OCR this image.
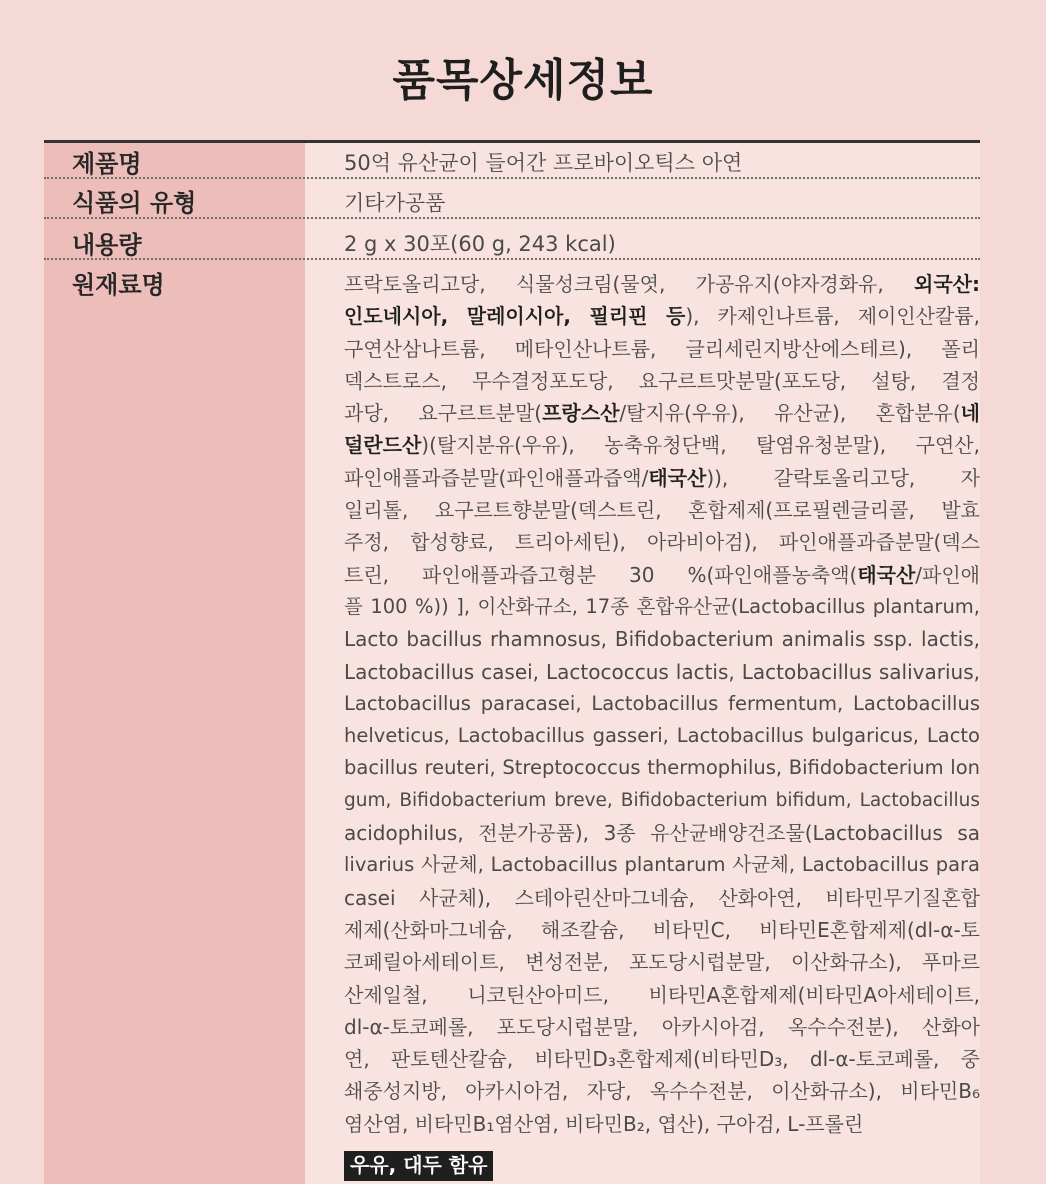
품목상세정보
제품명	50억 유산균이 들어간 프로바이오틱스 아연
식품의 유형	기타가공품
내용량	2 g x 30포(60 g, 243 kcal)
원재료명	프락토올리고당, 식물성크림(물엿, 가공유지(야자경화유, 외국산:
인도네시아, 말레이시아, 필리핀 등), 카제인나트륨, 제이인산칼륨,
구연산삼나트륨, 메타인산나트륨, 글리세린지방산에스테르), 폴리
덱스트로스, 무수결정포도당, 요구르트맛분말(포도당, 설탕, 결정
과당, 요구르트분말(프랑스산/탈지유(우유), 유산균), 혼합분유(네
덜란드산)(탈지분유(우유), 농축유청단백, 탈염유청분말), 구연산,
파인애플과즙분말(파인애플과즙액/태국산)), 갈락토올리고당, 자
일리톨, 요구르트향분말(덱스트린, 혼합제제(프로필렌글리콜, 발효
주정, 합성향료, 트리아세틴), 아라비아검), 파인애플과즙분말(덱스
트린, 파인애플과즙고형분 30 %(파인애플농축액(태국산/파인애
플 100 %)) ], 이산화규소, 17종 혼합유산균(Lactobacillus plantarum,
Lacto bacillus rhamnosus, Bifidobacterium animalis ssp. lactis,
Lactobacillus casei, Lactococcus lactis, Lactobacillus salivarius,
Lactobacillus paracasei, Lactobacillus fermentum, Lactobacillus
helveticus, Lactobacillus gasseri, Lactobacillus bulgaricus, Lacto
bacillus reuteri, Streptococcus thermophilus, Bifidobacterium lon
gum, Bifidobacterium breve, Bifidobacterium bifidum, Lactobacillus
acidophilus, 전분가공품), 3종 유산균배양건조물(Lactobacillus sa
livarius 사균체, Lactobacillus plantarum 사균체, Lactobacillus para
casei 사균체), 스테아린산마그네슘, 산화아연, 비타민무기질혼합
제제(산화마그네슘, 해조칼슘, 비타민C, 비타민E혼합제제(dl-α-토
코페릴아세테이트, 변성전분, 포도당시럽분말, 이산화규소), 푸마르
산제일철, 니코틴산아미드, 비타민A혼합제제(비타민A아세테이트,
dl-α-토코페롤, 포도당시럽분말, 아카시아검, 옥수수전분), 산화아
연, 판토텐산칼슘, 비타민D₃혼합제제(비타민D₃, dl-α-토코페롤, 중
쇄중성지방, 아카시아검, 자당, 옥수수전분, 이산화규소), 비타민B₆
염산염, 비타민B₁염산염, 비타민B₂, 엽산), 구아검, L-프롤린
우유, 대두 함유
